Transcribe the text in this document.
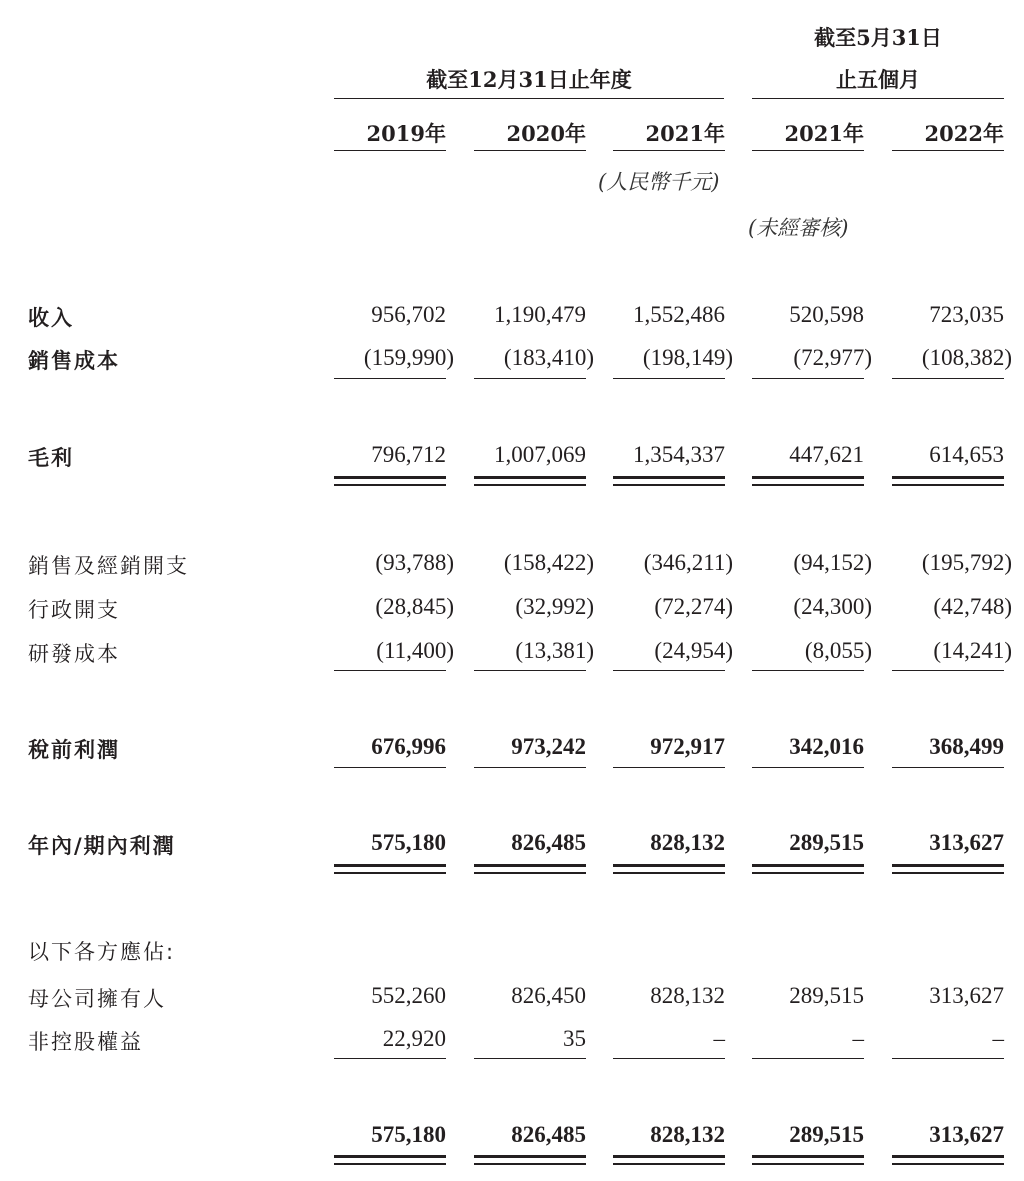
截至12月31日止年度
截至5月31日
止五個月
2019年	2020年	2021年	2021年	2022年
(人民幣千元)
(未經審核)
收入	956,702	1,190,479	1,552,486	520,598	723,035
銷售成本	(159,990)	(183,410)	(198,149)	(72,977)	(108,382)
毛利	796,712	1,007,069	1,354,337	447,621	614,653
銷售及經銷開支	(93,788)	(158,422)	(346,211)	(94,152)	(195,792)
行政開支	(28,845)	(32,992)	(72,274)	(24,300)	(42,748)
研發成本	(11,400)	(13,381)	(24,954)	(8,055)	(14,241)
稅前利潤	676,996	973,242	972,917	342,016	368,499
年內/期內利潤	575,180	826,485	828,132	289,515	313,627
以下各方應佔:
母公司擁有人	552,260	826,450	828,132	289,515	313,627
非控股權益	22,920	35	–	–	–
575,180	826,485	828,132	289,515	313,627
